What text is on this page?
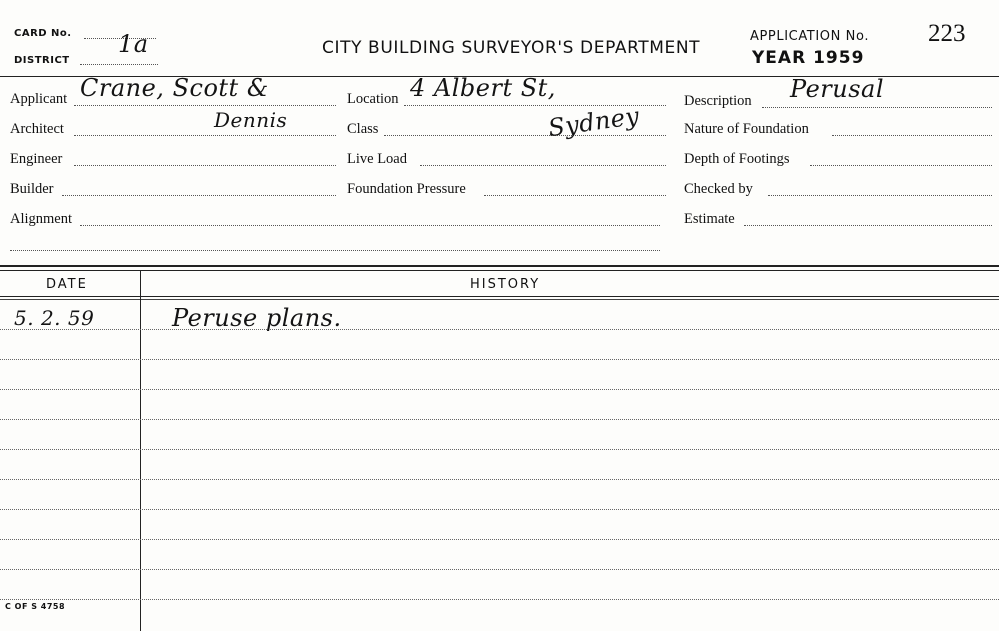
CARD No.
DISTRICT
1a	CITY BUILDING SURVEYOR'S DEPARTMENT
APPLICATION No.
YEAR 1959
223
Applicant Crane, Scott &
Architect	Dennis
Engineer
Builder
Alignment
Location 4 Albert St,
Class	Sydney
Live Load
Foundation Pressure
Description Perusal
Nature of Foundation
Depth of Footings
Checked by
Estimate
DATE	HISTORY
5. 2. 59	Peruse plans.
C OF S 4758
